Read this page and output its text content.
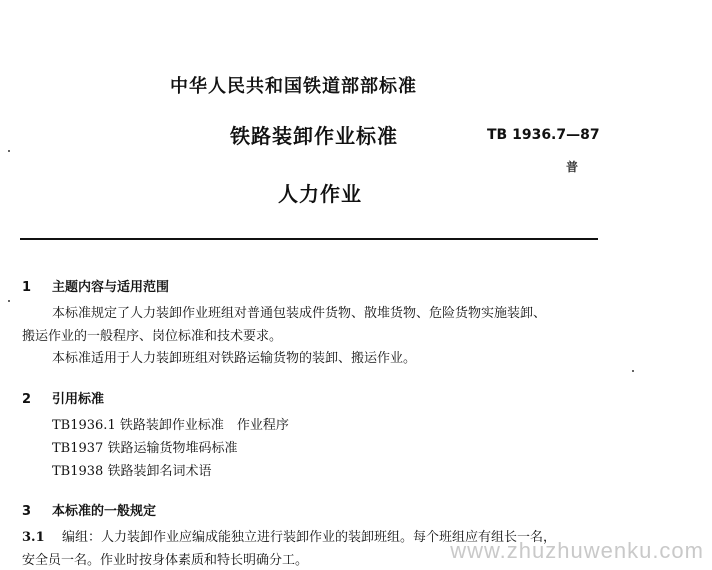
中华人民共和国铁道部部标准
铁路装卸作业标准	TB 1936.7—87
普
人力作业
1 主题内容与适用范围
本标准规定了人力装卸作业班组对普通包装成件货物、散堆货物、危险货物实施装卸、
搬运作业的一般程序、岗位标准和技术要求。
本标准适用于人力装卸班组对铁路运输货物的装卸、搬运作业。
2 引用标准
TB1936.1 铁路装卸作业标准　作业程序
TB1937 铁路运输货物堆码标准
TB1938 铁路装卸名词术语
3 本标准的一般规定
3.1 编组：人力装卸作业应编成能独立进行装卸作业的装卸班组。每个班组应有组长一名，
安全员一名。作业时按身体素质和特长明确分工。	www.zhuzhuwenku.com
